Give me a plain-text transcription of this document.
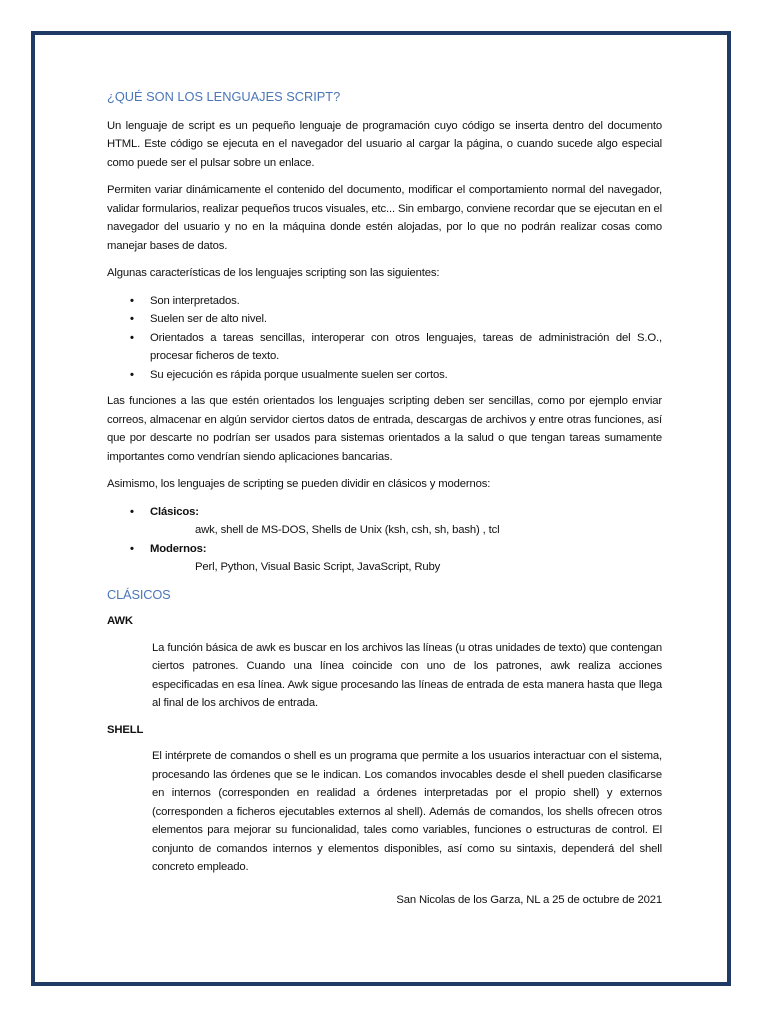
¿QUÉ SON LOS LENGUAJES SCRIPT?

Un lenguaje de script es un pequeño lenguaje de programación cuyo código se inserta dentro del documento HTML. Este código se ejecuta en el navegador del usuario al cargar la página, o cuando sucede algo especial como puede ser el pulsar sobre un enlace.

Permiten variar dinámicamente el contenido del documento, modificar el comportamiento normal del navegador, validar formularios, realizar pequeños trucos visuales, etc... Sin embargo, conviene recordar que se ejecutan en el navegador del usuario y no en la máquina donde estén alojadas, por lo que no podrán realizar cosas como manejar bases de datos.

Algunas características de los lenguajes scripting son las siguientes:

• Son interpretados.
• Suelen ser de alto nivel.
• Orientados a tareas sencillas, interoperar con otros lenguajes, tareas de administración del S.O., procesar ficheros de texto.
• Su ejecución es rápida porque usualmente suelen ser cortos.

Las funciones a las que estén orientados los lenguajes scripting deben ser sencillas, como por ejemplo enviar correos, almacenar en algún servidor ciertos datos de entrada, descargas de archivos y entre otras funciones, así que por descarte no podrían ser usados para sistemas orientados a la salud o que tengan tareas sumamente importantes como vendrían siendo aplicaciones bancarias.

Asimismo, los lenguajes de scripting se pueden dividir en clásicos y modernos:

• Clásicos:
awk, shell de MS-DOS, Shells de Unix (ksh, csh, sh, bash) , tcl
• Modernos:
Perl, Python, Visual Basic Script, JavaScript, Ruby
CLÁSICOS
AWK

La función básica de awk es buscar en los archivos las líneas (u otras unidades de texto) que contengan ciertos patrones. Cuando una línea coincide con uno de los patrones, awk realiza acciones especificadas en esa línea. Awk sigue procesando las líneas de entrada de esta manera hasta que llega al final de los archivos de entrada.

SHELL

El intérprete de comandos o shell es un programa que permite a los usuarios interactuar con el sistema, procesando las órdenes que se le indican. Los comandos invocables desde el shell pueden clasificarse en internos (corresponden en realidad a órdenes interpretadas por el propio shell) y externos (corresponden a ficheros ejecutables externos al shell). Además de comandos, los shells ofrecen otros elementos para mejorar su funcionalidad, tales como variables, funciones o estructuras de control. El conjunto de comandos internos y elementos disponibles, así como su sintaxis, dependerá del shell concreto empleado.

San Nicolas de los Garza, NL a 25 de octubre de 2021
